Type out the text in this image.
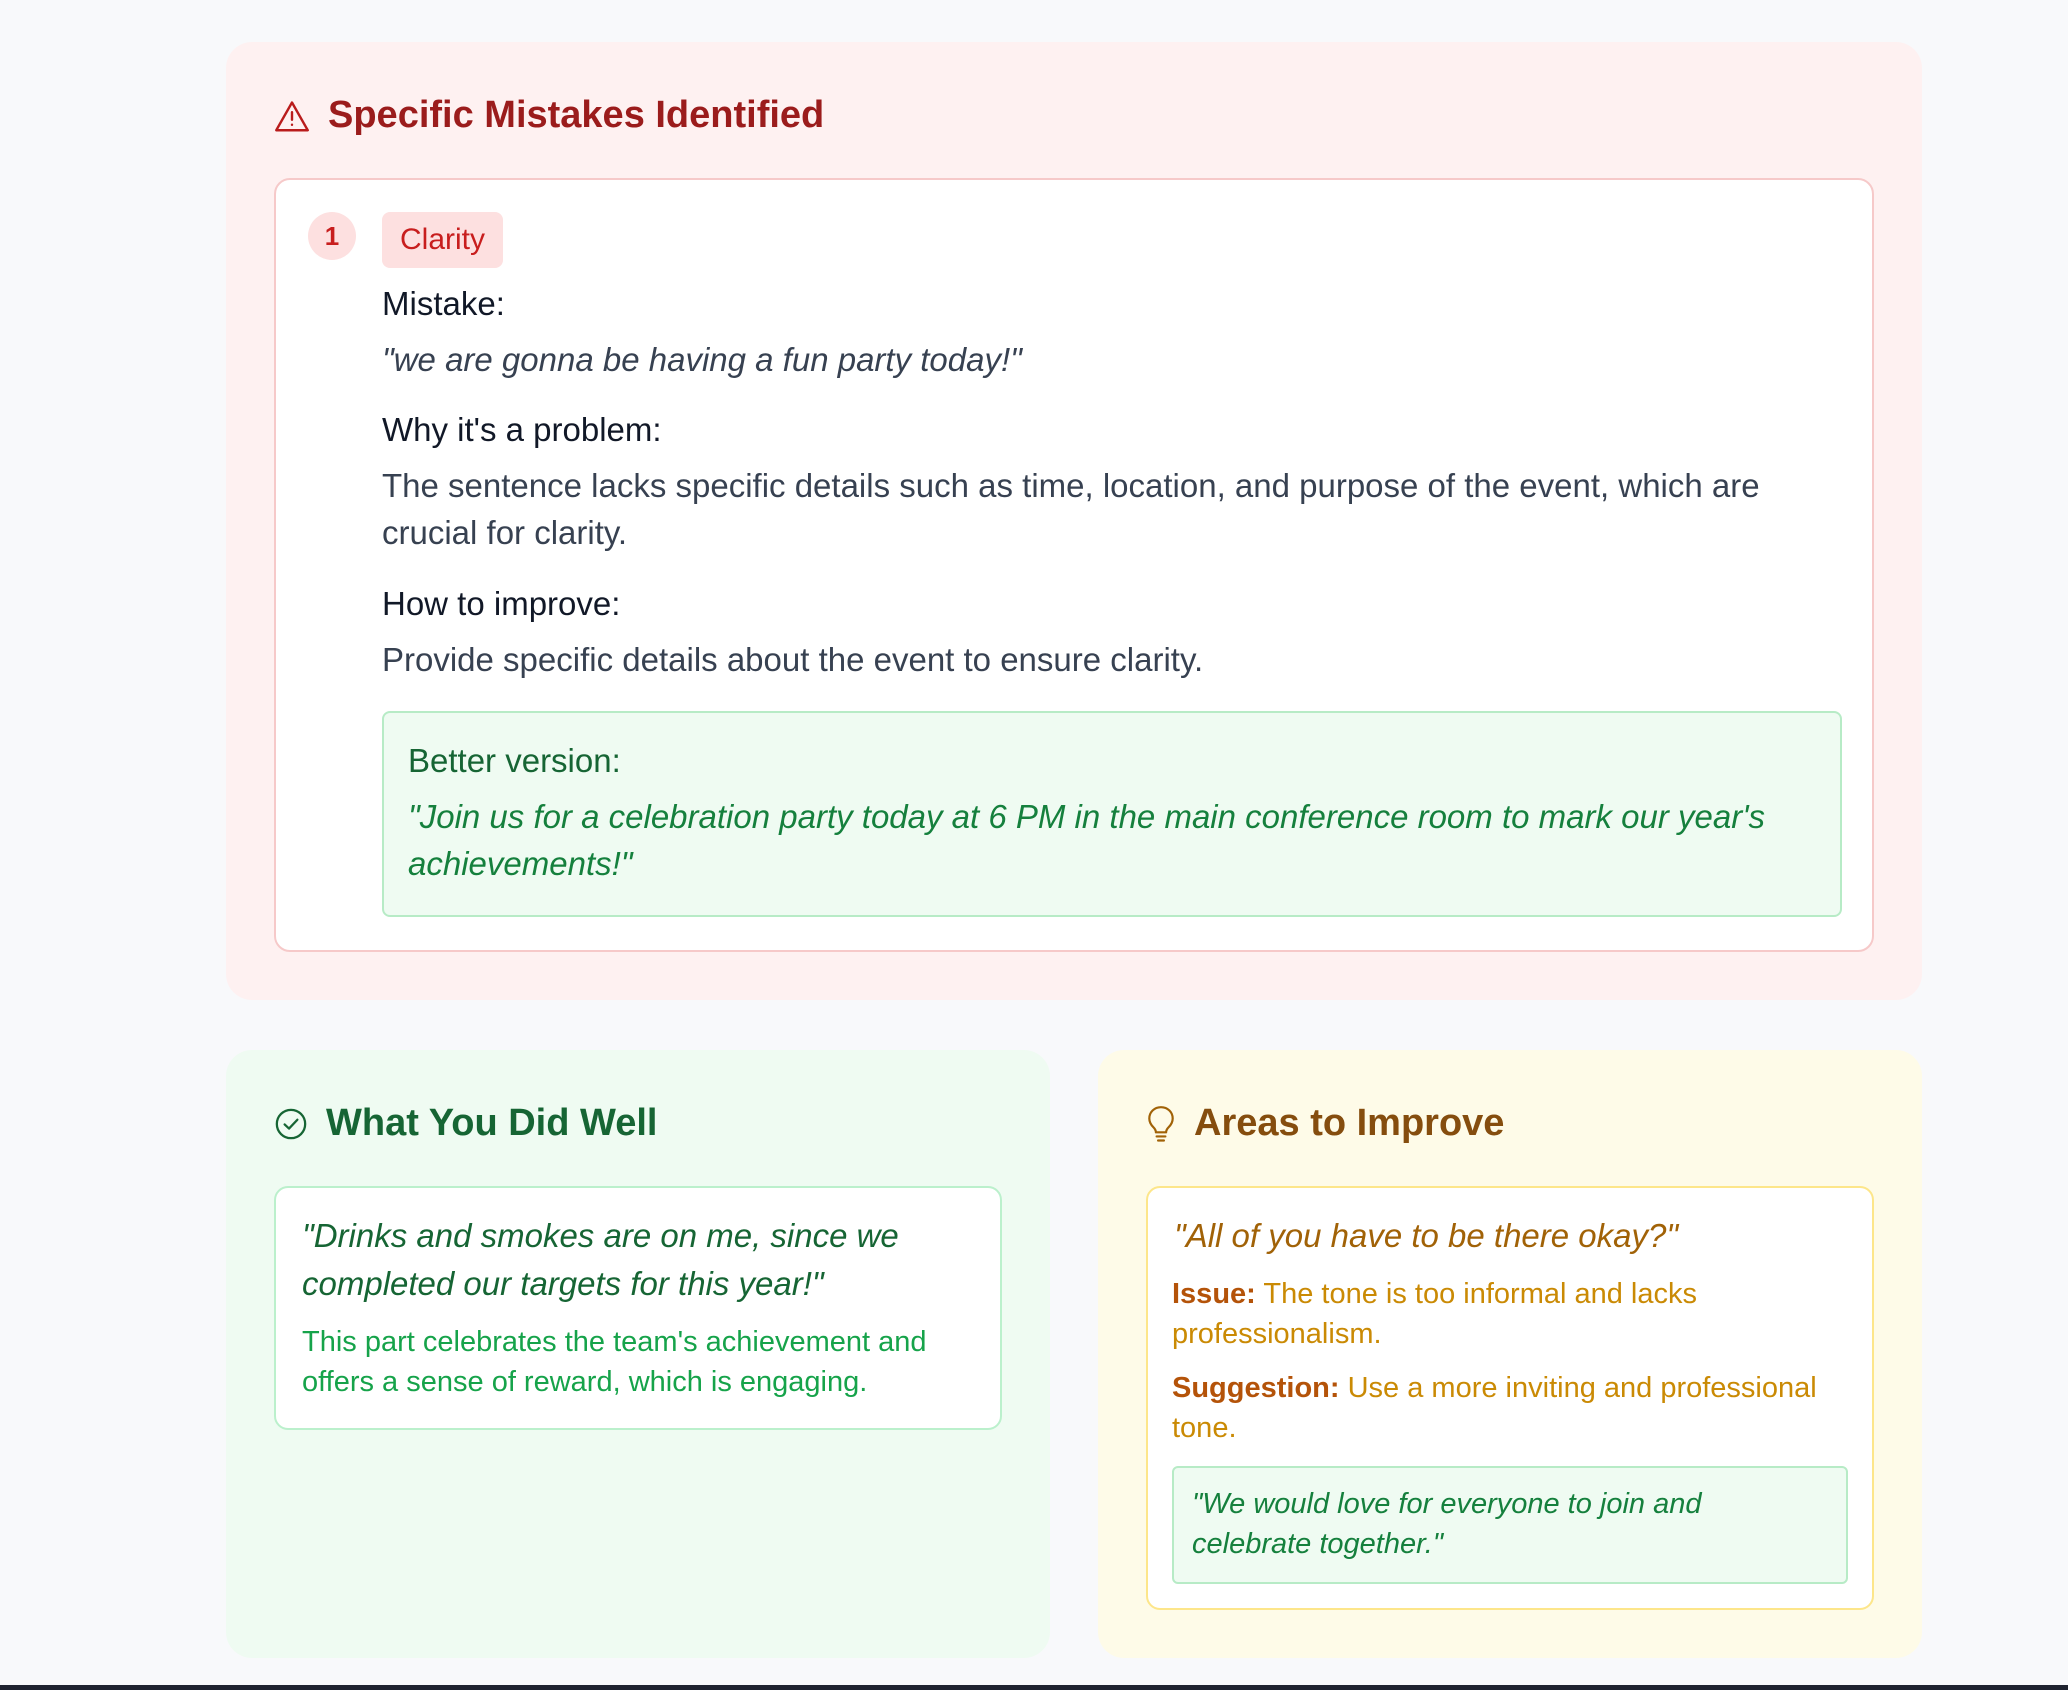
Specific Mistakes Identified
1	Clarity

Mistake:

"we are gonna be having a fun party today!"

Why it's a problem:

The sentence lacks specific details such as time, location, and purpose of the event, which are crucial for clarity.

How to improve:

Provide specific details about the event to ensure clarity.

Better version:

"Join us for a celebration party today at 6 PM in the main conference room to mark our year's achievements!"

What You Did Well

"Drinks and smokes are on me, since we completed our targets for this year!"

This part celebrates the team's achievement and offers a sense of reward, which is engaging.

Areas to Improve

"All of you have to be there okay?"

Issue: The tone is too informal and lacks professionalism.

Suggestion: Use a more inviting and professional tone.

"We would love for everyone to join and celebrate together."
